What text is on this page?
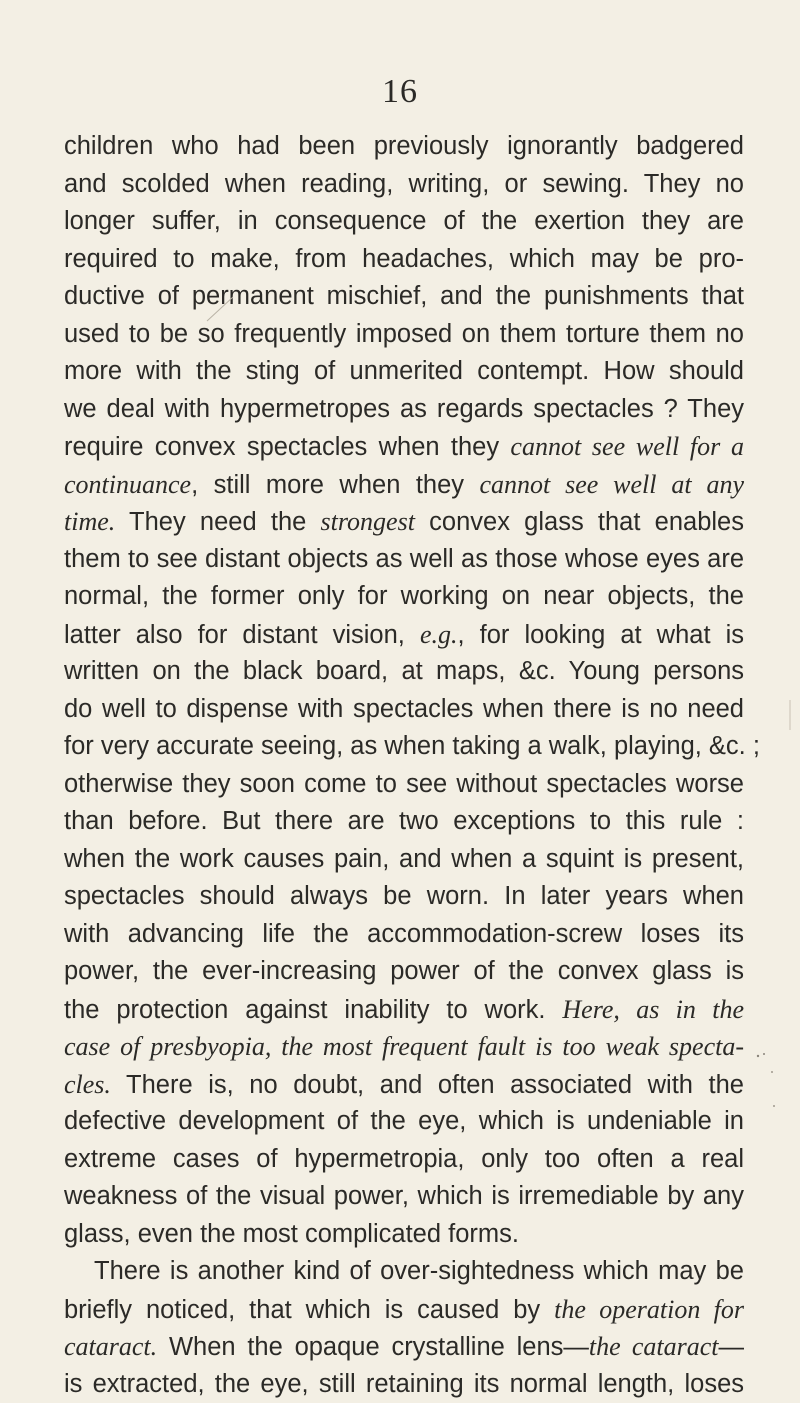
16
children who had been previously ignorantly badgered
and scolded when reading, writing, or sewing. They no
longer suffer, in consequence of the exertion they are
required to make, from headaches, which may be pro-
ductive of permanent mischief, and the punishments that
used to be so frequently imposed on them torture them no
more with the sting of unmerited contempt. How should
we deal with hypermetropes as regards spectacles ? They
require convex spectacles when they cannot see well for a
continuance, still more when they cannot see well at any
time. They need the strongest convex glass that enables
them to see distant objects as well as those whose eyes are
normal, the former only for working on near objects, the
latter also for distant vision, e.g., for looking at what is
written on the black board, at maps, &c. Young persons
do well to dispense with spectacles when there is no need
for very accurate seeing, as when taking a walk, playing, &c. ;
otherwise they soon come to see without spectacles worse
than before. But there are two exceptions to this rule :
when the work causes pain, and when a squint is present,
spectacles should always be worn. In later years when
with advancing life the accommodation-screw loses its
power, the ever-increasing power of the convex glass is
the protection against inability to work. Here, as in the
case of presbyopia, the most frequent fault is too weak specta-
cles. There is, no doubt, and often associated with the
defective development of the eye, which is undeniable in
extreme cases of hypermetropia, only too often a real
weakness of the visual power, which is irremediable by any
glass, even the most complicated forms.
There is another kind of over-sightedness which may be
briefly noticed, that which is caused by the operation for
cataract. When the opaque crystalline lens—the cataract—
is extracted, the eye, still retaining its normal length, loses
